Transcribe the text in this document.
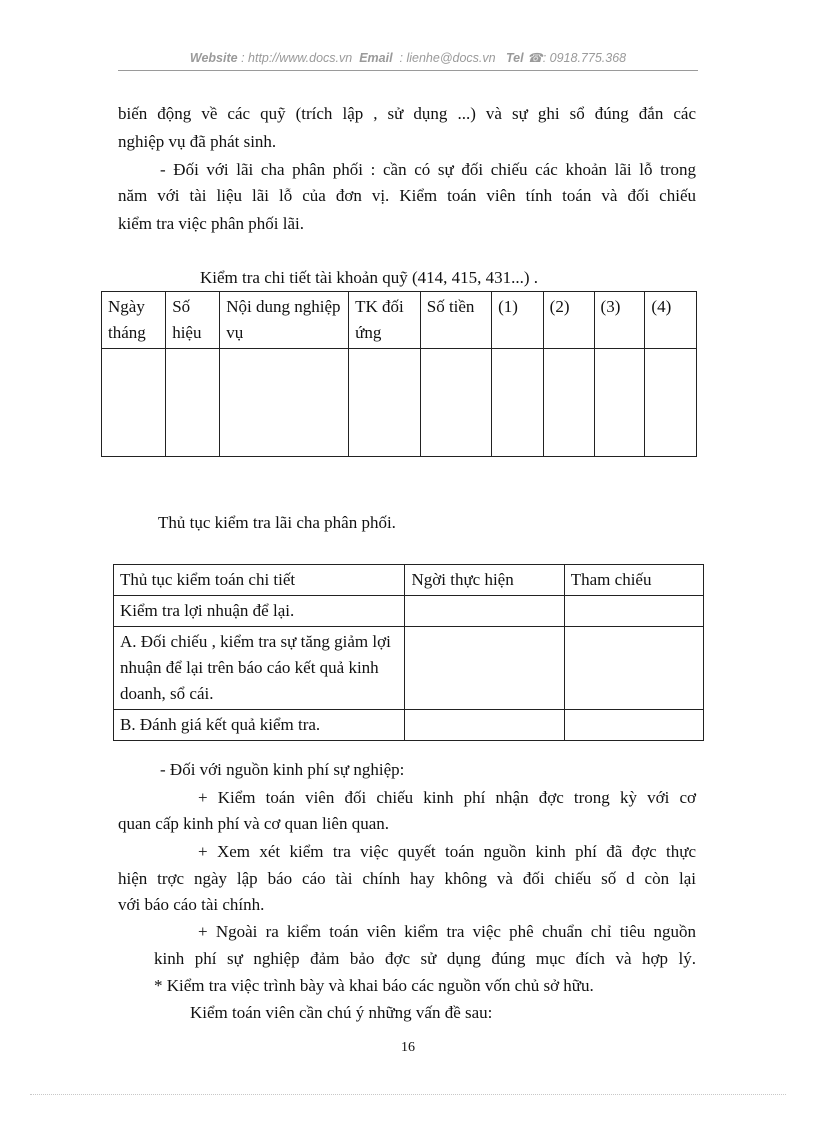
Website : http://www.docs.vn Email : lienhe@docs.vn Tel ☎: 0918.775.368
biến động về các quỹ (trích lập , sử dụng ...) và sự ghi sổ đúng đắn các
nghiệp vụ đã phát sinh.
- Đối với lãi cha phân phối : cần có sự đối chiếu các khoản lãi lỗ trong
năm với tài liệu lãi lỗ của đơn vị. Kiểm toán viên tính toán và đối chiếu
kiểm tra việc phân phối lãi.
Kiểm tra chi tiết tài khoản quỹ (414, 415, 431...) .
Ngày tháng	Số hiệu	Nội dung nghiệp vụ	TK đối ứng	Số tiền	(1)	(2)	(3)	(4)

Thủ tục kiểm tra lãi cha phân phối.
Thủ tục kiểm toán chi tiết	Ngời thực hiện	Tham chiếu
Kiểm tra lợi nhuận để lại.		
A. Đối chiếu , kiểm tra sự tăng giảm lợi nhuận để lại trên báo cáo kết quả kinh doanh, sổ cái.		
B. Đánh giá kết quả kiểm tra.		
- Đối với nguồn kinh phí sự nghiệp:
+ Kiểm toán viên đối chiếu kinh phí nhận đợc trong kỳ với cơ
quan cấp kinh phí và cơ quan liên quan.
+ Xem xét kiểm tra việc quyết toán nguồn kinh phí đã đợc thực
hiện trợc ngày lập báo cáo tài chính hay không và đối chiếu số d còn lại
với báo cáo tài chính.
+ Ngoài ra kiểm toán viên kiểm tra việc phê chuẩn chỉ tiêu nguồn
kinh phí sự nghiệp đảm bảo đợc sử dụng đúng mục đích và hợp lý.
* Kiểm tra việc trình bày và khai báo các nguồn vốn chủ sở hữu.
Kiểm toán viên cần chú ý những vấn đề sau:
16
